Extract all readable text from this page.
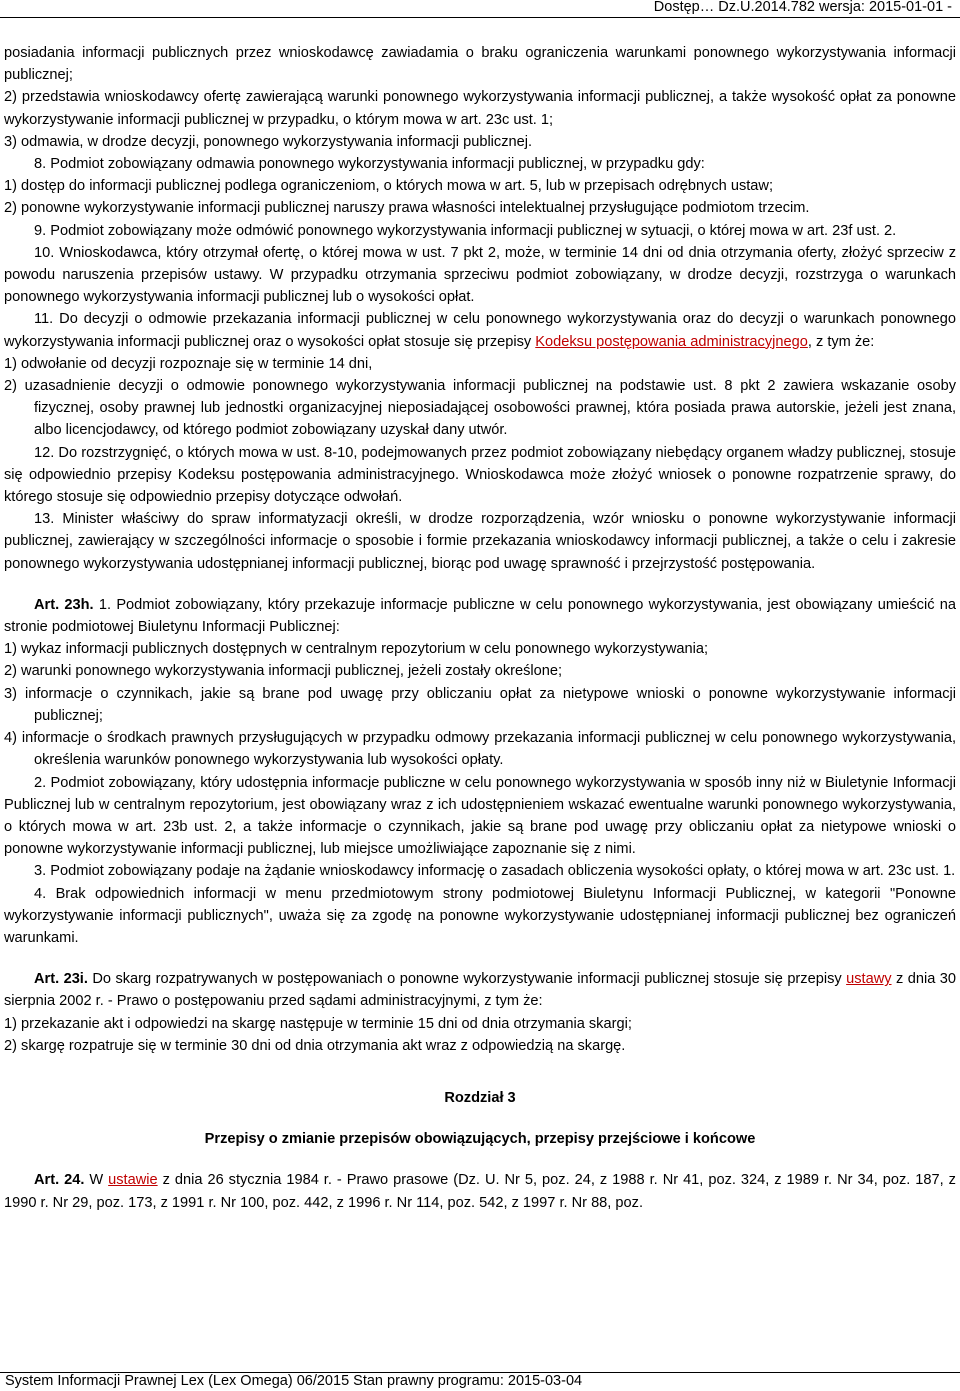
Dostęp… Dz.U.2014.782 wersja: 2015-01-01 -

posiadania informacji publicznych przez wnioskodawcę zawiadamia o braku ograniczenia warunkami ponownego wykorzystywania informacji publicznej;

2) przedstawia wnioskodawcy ofertę zawierającą warunki ponownego wykorzystywania informacji publicznej, a także wysokość opłat za ponowne wykorzystywanie informacji publicznej w przypadku, o którym mowa w art. 23c ust. 1;

3) odmawia, w drodze decyzji, ponownego wykorzystywania informacji publicznej.

8. Podmiot zobowiązany odmawia ponownego wykorzystywania informacji publicznej, w przypadku gdy:

1) dostęp do informacji publicznej podlega ograniczeniom, o których mowa w art. 5, lub w przepisach odrębnych ustaw;

2) ponowne wykorzystywanie informacji publicznej naruszy prawa własności intelektualnej przysługujące podmiotom trzecim.

9. Podmiot zobowiązany może odmówić ponownego wykorzystywania informacji publicznej w sytuacji, o której mowa w art. 23f ust. 2.

10. Wnioskodawca, który otrzymał ofertę, o której mowa w ust. 7 pkt 2, może, w terminie 14 dni od dnia otrzymania oferty, złożyć sprzeciw z powodu naruszenia przepisów ustawy. W przypadku otrzymania sprzeciwu podmiot zobowiązany, w drodze decyzji, rozstrzyga o warunkach ponownego wykorzystywania informacji publicznej lub o wysokości opłat.

11. Do decyzji o odmowie przekazania informacji publicznej w celu ponownego wykorzystywania oraz do decyzji o warunkach ponownego wykorzystywania informacji publicznej oraz o wysokości opłat stosuje się przepisy Kodeksu postępowania administracyjnego, z tym że:

1) odwołanie od decyzji rozpoznaje się w terminie 14 dni,

2) uzasadnienie decyzji o odmowie ponownego wykorzystywania informacji publicznej na podstawie ust. 8 pkt 2 zawiera wskazanie osoby fizycznej, osoby prawnej lub jednostki organizacyjnej nieposiadającej osobowości prawnej, która posiada prawa autorskie, jeżeli jest znana, albo licencjodawcy, od którego podmiot zobowiązany uzyskał dany utwór.

12. Do rozstrzygnięć, o których mowa w ust. 8-10, podejmowanych przez podmiot zobowiązany niebędący organem władzy publicznej, stosuje się odpowiednio przepisy Kodeksu postępowania administracyjnego. Wnioskodawca może złożyć wniosek o ponowne rozpatrzenie sprawy, do którego stosuje się odpowiednio przepisy dotyczące odwołań.

13. Minister właściwy do spraw informatyzacji określi, w drodze rozporządzenia, wzór wniosku o ponowne wykorzystywanie informacji publicznej, zawierający w szczególności informacje o sposobie i formie przekazania wnioskodawcy informacji publicznej, a także o celu i zakresie ponownego wykorzystywania udostępnianej informacji publicznej, biorąc pod uwagę sprawność i przejrzystość postępowania.

Art. 23h. 1. Podmiot zobowiązany, który przekazuje informacje publiczne w celu ponownego wykorzystywania, jest obowiązany umieścić na stronie podmiotowej Biuletynu Informacji Publicznej:

1) wykaz informacji publicznych dostępnych w centralnym repozytorium w celu ponownego wykorzystywania;

2) warunki ponownego wykorzystywania informacji publicznej, jeżeli zostały określone;

3) informacje o czynnikach, jakie są brane pod uwagę przy obliczaniu opłat za nietypowe wnioski o ponowne wykorzystywanie informacji publicznej;

4) informacje o środkach prawnych przysługujących w przypadku odmowy przekazania informacji publicznej w celu ponownego wykorzystywania, określenia warunków ponownego wykorzystywania lub wysokości opłaty.

2. Podmiot zobowiązany, który udostępnia informacje publiczne w celu ponownego wykorzystywania w sposób inny niż w Biuletynie Informacji Publicznej lub w centralnym repozytorium, jest obowiązany wraz z ich udostępnieniem wskazać ewentualne warunki ponownego wykorzystywania, o których mowa w art. 23b ust. 2, a także informacje o czynnikach, jakie są brane pod uwagę przy obliczaniu opłat za nietypowe wnioski o ponowne wykorzystywanie informacji publicznej, lub miejsce umożliwiające zapoznanie się z nimi.

3. Podmiot zobowiązany podaje na żądanie wnioskodawcy informację o zasadach obliczenia wysokości opłaty, o której mowa w art. 23c ust. 1.

4. Brak odpowiednich informacji w menu przedmiotowym strony podmiotowej Biuletynu Informacji Publicznej, w kategorii "Ponowne wykorzystywanie informacji publicznych", uważa się za zgodę na ponowne wykorzystywanie udostępnianej informacji publicznej bez ograniczeń warunkami.

Art. 23i. Do skarg rozpatrywanych w postępowaniach o ponowne wykorzystywanie informacji publicznej stosuje się przepisy ustawy z dnia 30 sierpnia 2002 r. - Prawo o postępowaniu przed sądami administracyjnymi, z tym że:

1) przekazanie akt i odpowiedzi na skargę następuje w terminie 15 dni od dnia otrzymania skargi;

2) skargę rozpatruje się w terminie 30 dni od dnia otrzymania akt wraz z odpowiedzią na skargę.

Rozdział 3

Przepisy o zmianie przepisów obowiązujących, przepisy przejściowe i końcowe

Art. 24. W ustawie z dnia 26 stycznia 1984 r. - Prawo prasowe (Dz. U. Nr 5, poz. 24, z 1988 r. Nr 41, poz. 324, z 1989 r. Nr 34, poz. 187, z 1990 r. Nr 29, poz. 173, z 1991 r. Nr 100, poz. 442, z 1996 r. Nr 114, poz. 542, z 1997 r. Nr 88, poz.

System Informacji Prawnej Lex (Lex Omega) 06/2015 Stan prawny programu: 2015-03-04
